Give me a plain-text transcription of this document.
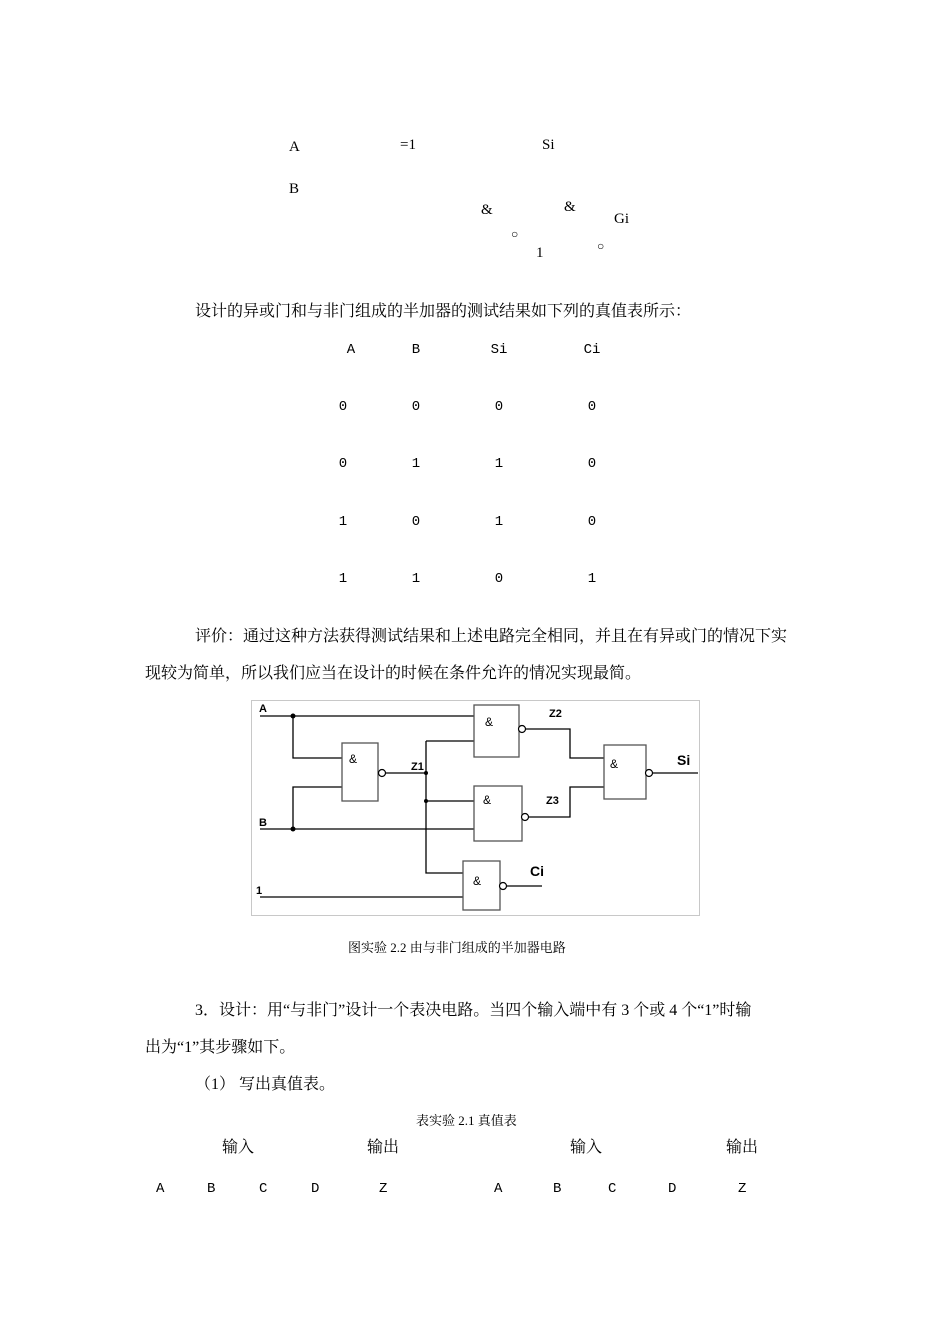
A	=1	Si
B
&	&
Gi
○
○
1
设计的异或门和与非门组成的半加器的测试结果如下列的真值表所示：
A	B	Si	Ci
0	0	0	0
0	1	1	0
1	0	1	0
1	1	0	1
评价：通过这种方法获得测试结果和上述电路完全相同，并且在有异或门的情况下实
现较为简单，所以我们应当在设计的时候在条件允许的情况实现最简。
A
B
1
&
&
&
&
&
Z1
Z2
Z3
Si
Ci
图实验 2.2 由与非门组成的半加器电路
3．设计：用“与非门”设计一个表决电路。当四个输入端中有 3 个或 4 个“1”时输
出为“1”其步骤如下。
（1） 写出真值表。
表实验 2.1 真值表
输入	输出	输入	输出
A	B	C	D	Z	A	B	C	D	Z
